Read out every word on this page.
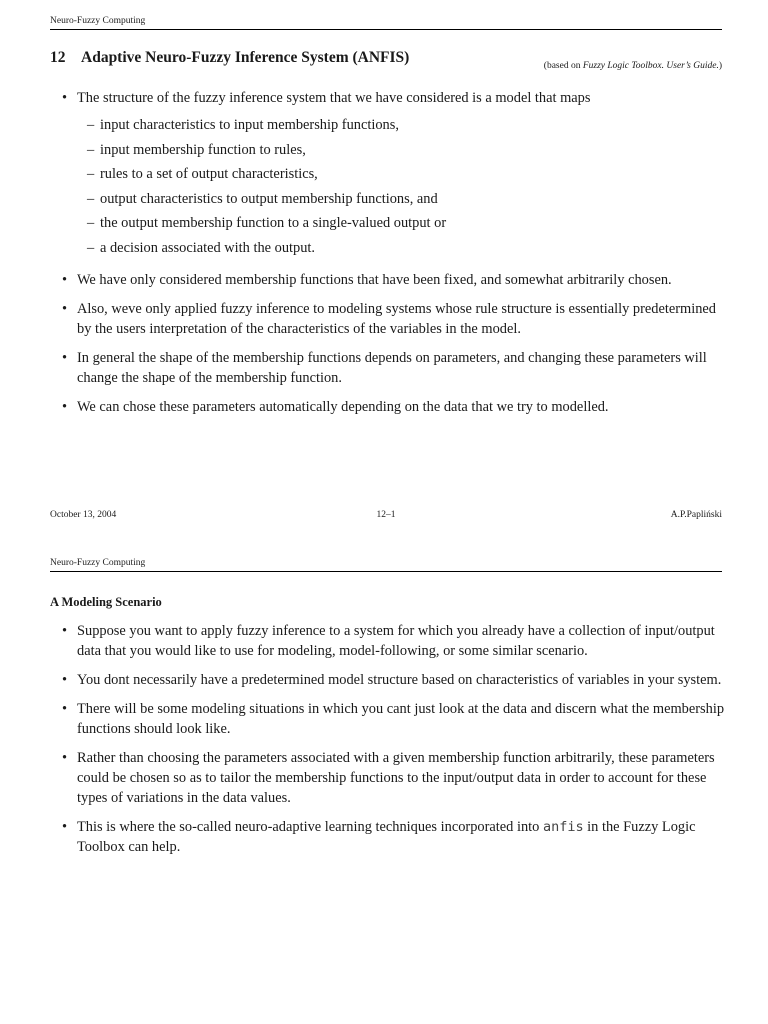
Neuro-Fuzzy Computing
12 Adaptive Neuro-Fuzzy Inference System (ANFIS)	(based on Fuzzy Logic Toolbox. User’s Guide.)
• The structure of the fuzzy inference system that we have considered is a model that maps
– input characteristics to input membership functions,
– input membership function to rules,
– rules to a set of output characteristics,
– output characteristics to output membership functions, and
– the output membership function to a single-valued output or
– a decision associated with the output.
• We have only considered membership functions that have been fixed, and somewhat arbitrarily chosen.
• Also, weve only applied fuzzy inference to modeling systems whose rule structure is essentially predetermined by the users interpretation of the characteristics of the variables in the model.
• In general the shape of the membership functions depends on parameters, and changing these parameters will change the shape of the membership function.
• We can chose these parameters automatically depending on the data that we try to modelled.
October 13, 2004	12–1	A.P.Papliński
Neuro-Fuzzy Computing
A Modeling Scenario
• Suppose you want to apply fuzzy inference to a system for which you already have a collection of input/output data that you would like to use for modeling, model-following, or some similar scenario.
• You dont necessarily have a predetermined model structure based on characteristics of variables in your system.
• There will be some modeling situations in which you cant just look at the data and discern what the membership functions should look like.
• Rather than choosing the parameters associated with a given membership function arbitrarily, these parameters could be chosen so as to tailor the membership functions to the input/output data in order to account for these types of variations in the data values.
• This is where the so-called neuro-adaptive learning techniques incorporated into anfis in the Fuzzy Logic Toolbox can help.
